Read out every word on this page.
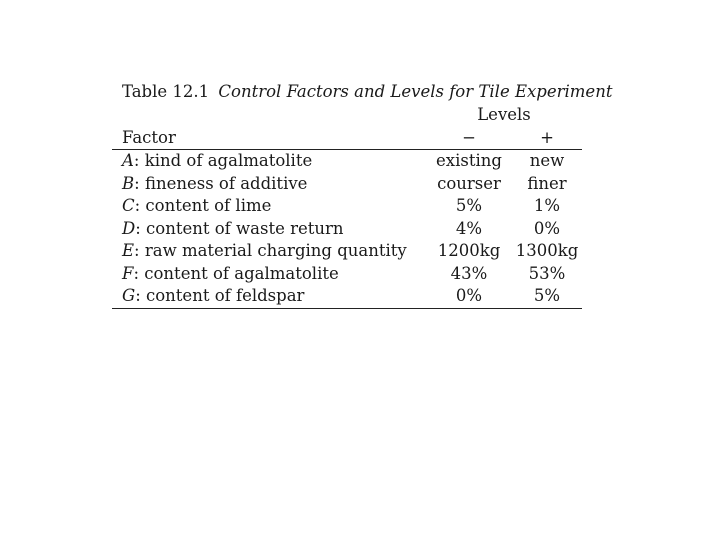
Table 12.1 Control Factors and Levels for Tile Experiment
	Levels	
Factor	−	+
A: kind of agalmatolite	existing	new
B: fineness of additive	courser	finer
C: content of lime	5%	1%
D: content of waste return	4%	0%
E: raw material charging quantity	1200kg	1300kg
F: content of agalmatolite	43%	53%
G: content of feldspar	0%	5%
